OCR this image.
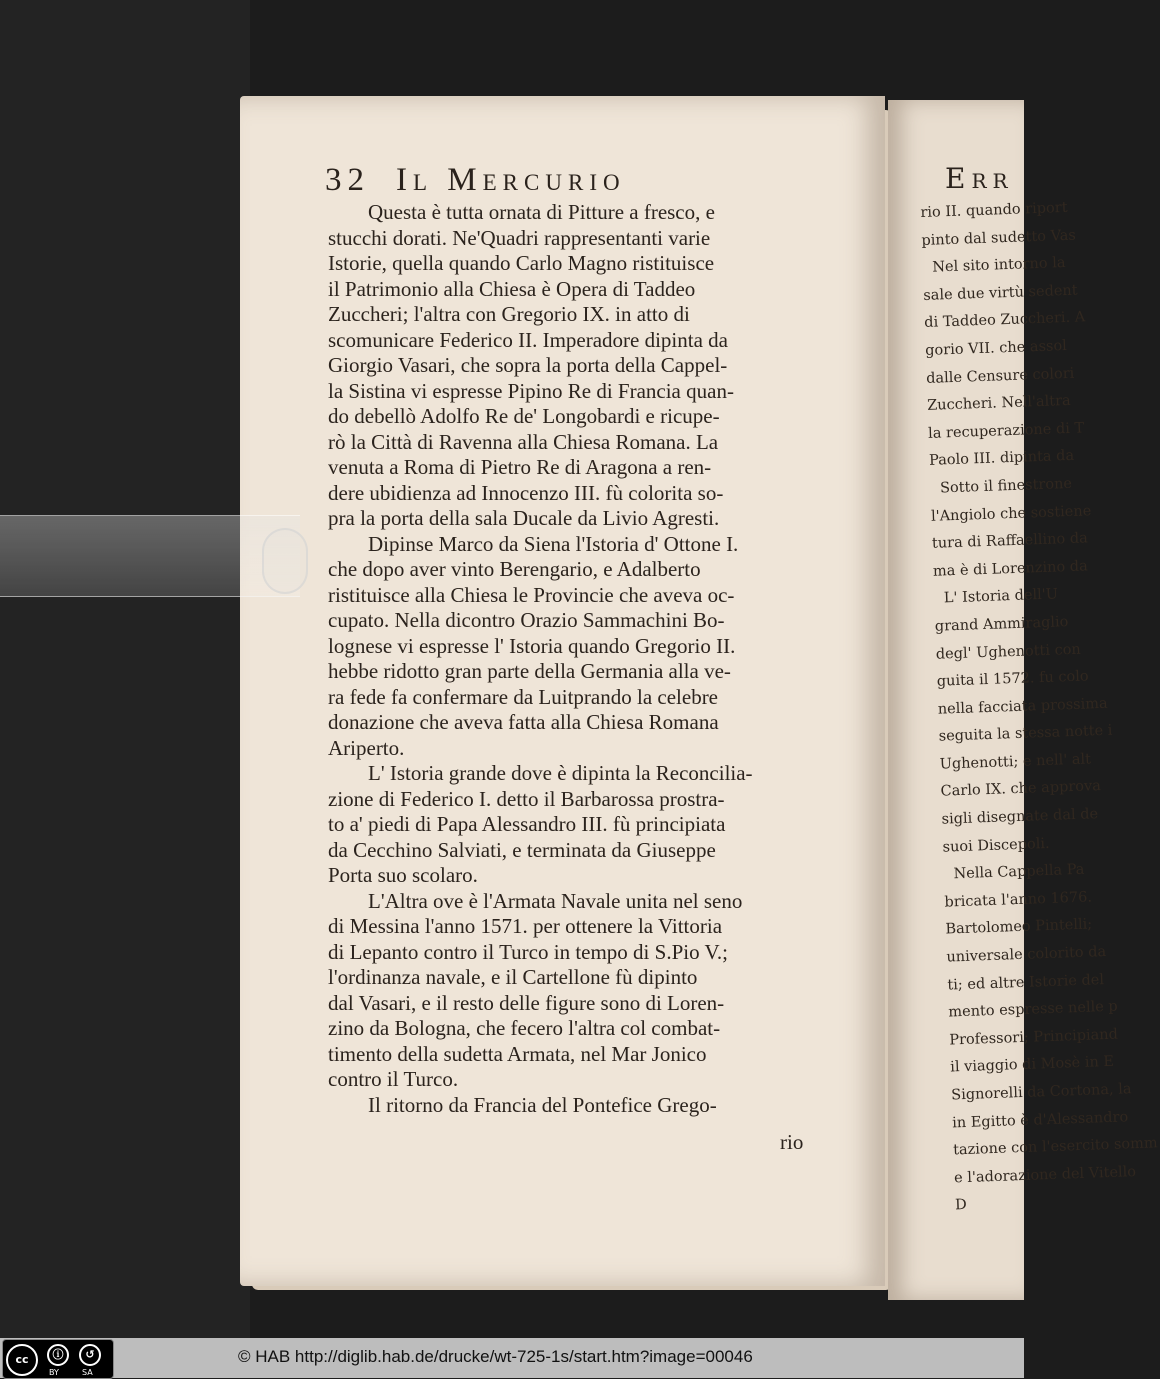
32 Il Mercurio
Questa è tutta ornata di Pitture a fresco, e
stucchi dorati. Ne'Quadri rappresentanti varie
Istorie, quella quando Carlo Magno ristituisce
il Patrimonio alla Chiesa è Opera di Taddeo
Zuccheri; l'altra con Gregorio IX. in atto di
scomunicare Federico II. Imperadore dipinta da
Giorgio Vasari, che sopra la porta della Cappel-
la Sistina vi espresse Pipino Re di Francia quan-
do debellò Adolfo Re de' Longobardi e ricupe-
rò la Città di Ravenna alla Chiesa Romana. La
venuta a Roma di Pietro Re di Aragona a ren-
dere ubidienza ad Innocenzo III. fù colorita so-
pra la porta della sala Ducale da Livio Agresti.
Dipinse Marco da Siena l'Istoria d' Ottone I.
che dopo aver vinto Berengario, e Adalberto
ristituisce alla Chiesa le Provincie che aveva oc-
cupato. Nella dicontro Orazio Sammachini Bo-
lognese vi espresse l' Istoria quando Gregorio II.
hebbe ridotto gran parte della Germania alla ve-
ra fede fa confermare da Luitprando la celebre
donazione che aveva fatta alla Chiesa Romana
Ariperto.
L' Istoria grande dove è dipinta la Reconcilia-
zione di Federico I. detto il Barbarossa prostra-
to a' piedi di Papa Alessandro III. fù principiata
da Cecchino Salviati, e terminata da Giuseppe
Porta suo scolaro.
L'Altra ove è l'Armata Navale unita nel seno
di Messina l'anno 1571. per ottenere la Vittoria
di Lepanto contro il Turco in tempo di S.Pio V.;
l'ordinanza navale, e il Cartellone fù dipinto
dal Vasari, e il resto delle figure sono di Loren-
zino da Bologna, che fecero l'altra col combat-
timento della sudetta Armata, nel Mar Jonico
contro il Turco.
Il ritorno da Francia del Pontefice Grego-
rio
Err
rio II. quando riport
pinto dal sudetto Vas
Nel sito intorno la
sale due virtù sedent
di Taddeo Zuccheri. A
gorio VII. che assol
dalle Censure colori
Zuccheri. Nell'altra
la recuperazione di T
Paolo III. dipinta da
Sotto il finestrone
l'Angiolo che sostiene
tura di Raffaellino da
ma è di Lorenzino da
L' Istoria dell'U
grand Ammiraglio
degl' Ughenotti con
guita il 1572. fu colo
nella facciata prossima
seguita la stessa notte i
Ughenotti; e nell' alt
Carlo IX. che approva
sigli disegnate dal de
suoi Discepoli.
Nella Cappella Pa
bricata l'anno 1676.
Bartolomeo Pintelli;
universale colorito da
ti; ed altre Istorie del
mento espresse nelle p
Professori; Principiand
il viaggio di Mosè in E
Signorelli da Cortona, la
in Egitto è d'Alessandro
tazione con l'esercito somm
e l'adorazione del Vitello
D
cc	ⓘ	↺
BY	SA
© HAB http://diglib.hab.de/drucke/wt-725-1s/start.htm?image=00046
